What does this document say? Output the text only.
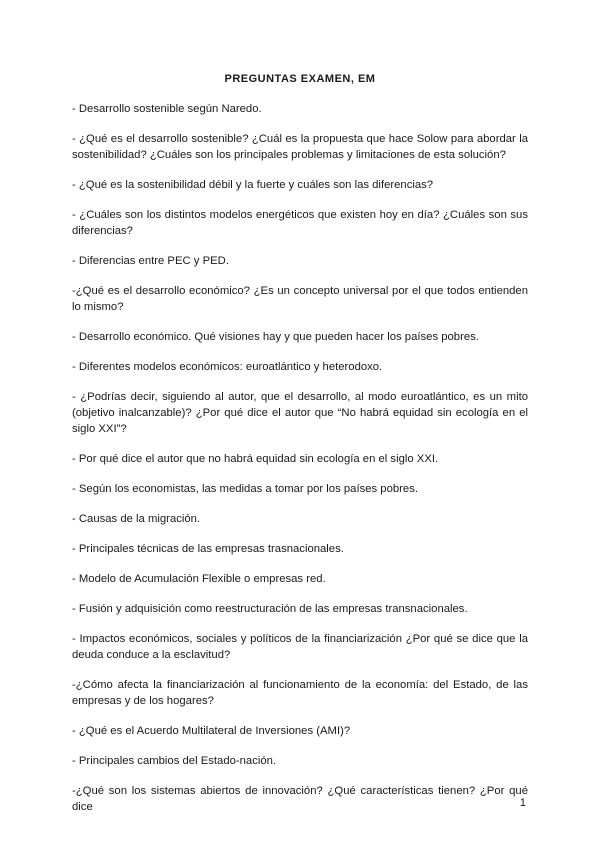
PREGUNTAS EXAMEN, EM
- Desarrollo sostenible según Naredo.
- ¿Qué es el desarrollo sostenible? ¿Cuál es la propuesta que hace Solow para abordar la sostenibilidad? ¿Cuáles son los principales problemas y limitaciones de esta solución?
- ¿Qué es la sostenibilidad débil y la fuerte y cuáles son las diferencias?
- ¿Cuáles son los distintos modelos energéticos que existen hoy en día? ¿Cuáles son sus diferencias?
- Diferencias entre PEC y PED.
-¿Qué es el desarrollo económico? ¿Es un concepto universal por el que todos entienden lo mismo?
- Desarrollo económico. Qué visiones hay y que pueden hacer los países pobres.
- Diferentes modelos económicos: euroatlántico y heterodoxo.
- ¿Podrías decir, siguiendo al autor, que el desarrollo, al modo euroatlántico, es un mito (objetivo inalcanzable)? ¿Por qué dice el autor que “No habrá equidad sin ecología en el siglo XXI”?
- Por qué dice el autor que no habrá equidad sin ecología en el siglo XXI.
- Según los economistas, las medidas a tomar por los países pobres.
- Causas de la migración.
- Principales técnicas de las empresas trasnacionales.
- Modelo de Acumulación Flexible o empresas red.
- Fusión y adquisición como reestructuración de las empresas transnacionales.
- Impactos económicos, sociales y políticos de la financiarización ¿Por qué se dice que la deuda conduce a la esclavitud?
-¿Cómo afecta la financiarización al funcionamiento de la economía: del Estado, de las empresas y de los hogares?
- ¿Qué es el Acuerdo Multilateral de Inversiones (AMI)?
- Principales cambios del Estado-nación.
-¿Qué son los sistemas abiertos de innovación? ¿Qué características tienen? ¿Por qué dice	1
